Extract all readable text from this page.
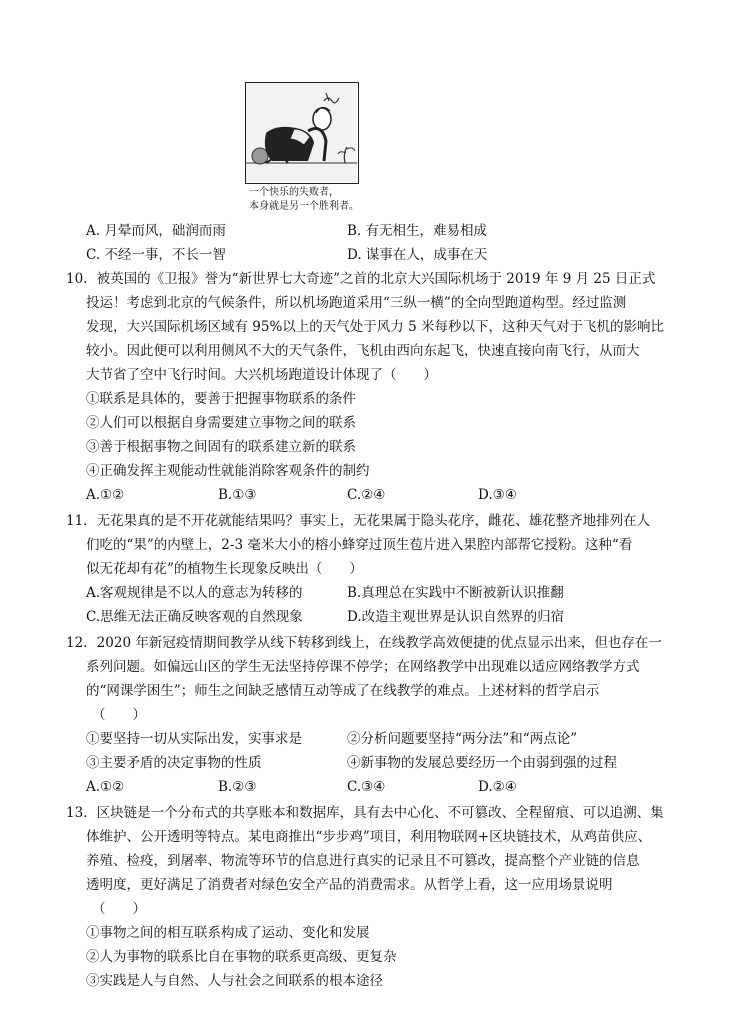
一个快乐的失败者，
本身就是另一个胜利者。
A. 月晕而风，础润而雨	B. 有无相生，难易相成
C. 不经一事，不长一智	D. 谋事在人，成事在天
10．被英国的《卫报》誉为“新世界七大奇迹”之首的北京大兴国际机场于 2019 年 9 月 25 日正式
投运！考虑到北京的气候条件，所以机场跑道采用“三纵一横”的全向型跑道构型。经过监测
发现，大兴国际机场区域有 95%以上的天气处于风力 5 米每秒以下，这种天气对于飞机的影响比
较小。因此便可以利用侧风不大的天气条件，飞机由西向东起飞，快速直接向南飞行，从而大
大节省了空中飞行时间。大兴机场跑道设计体现了（　　）
①联系是具体的，要善于把握事物联系的条件
②人们可以根据自身需要建立事物之间的联系
③善于根据事物之间固有的联系建立新的联系
④正确发挥主观能动性就能消除客观条件的制约
A.①②	B.①③	C.②④	D.③④
11．无花果真的是不开花就能结果吗？事实上，无花果属于隐头花序，雌花、雄花整齐地排列在人
们吃的“果”的内壁上，2-3 毫米大小的榕小蜂穿过顶生苞片进入果腔内部帮它授粉。这种“看
似无花却有花”的植物生长现象反映出（　　）
A.客观规律是不以人的意志为转移的	B.真理总在实践中不断被新认识推翻
C.思维无法正确反映客观的自然现象	D.改造主观世界是认识自然界的归宿
12．2020 年新冠疫情期间教学从线下转移到线上，在线教学高效便捷的优点显示出来，但也存在一
系列问题。如偏远山区的学生无法坚持停课不停学；在网络教学中出现难以适应网络教学方式
的“网课学困生”；师生之间缺乏感情互动等成了在线教学的难点。上述材料的哲学启示
（　　）
①要坚持一切从实际出发，实事求是	②分析问题要坚持“两分法”和“两点论”
③主要矛盾的决定事物的性质	④新事物的发展总要经历一个由弱到强的过程
A.①②	B.②③	C.③④	D.②④
13．区块链是一个分布式的共享账本和数据库，具有去中心化、不可篡改、全程留痕、可以追溯、集
体维护、公开透明等特点。某电商推出“步步鸡”项目，利用物联网+区块链技术，从鸡苗供应、
养殖、检疫，到屠率、物流等环节的信息进行真实的记录且不可篡改，提高整个产业链的信息
透明度，更好满足了消费者对绿色安全产品的消费需求。从哲学上看，这一应用场景说明
（　　）
①事物之间的相互联系构成了运动、变化和发展
②人为事物的联系比自在事物的联系更高级、更复杂
③实践是人与自然、人与社会之间联系的根本途径
